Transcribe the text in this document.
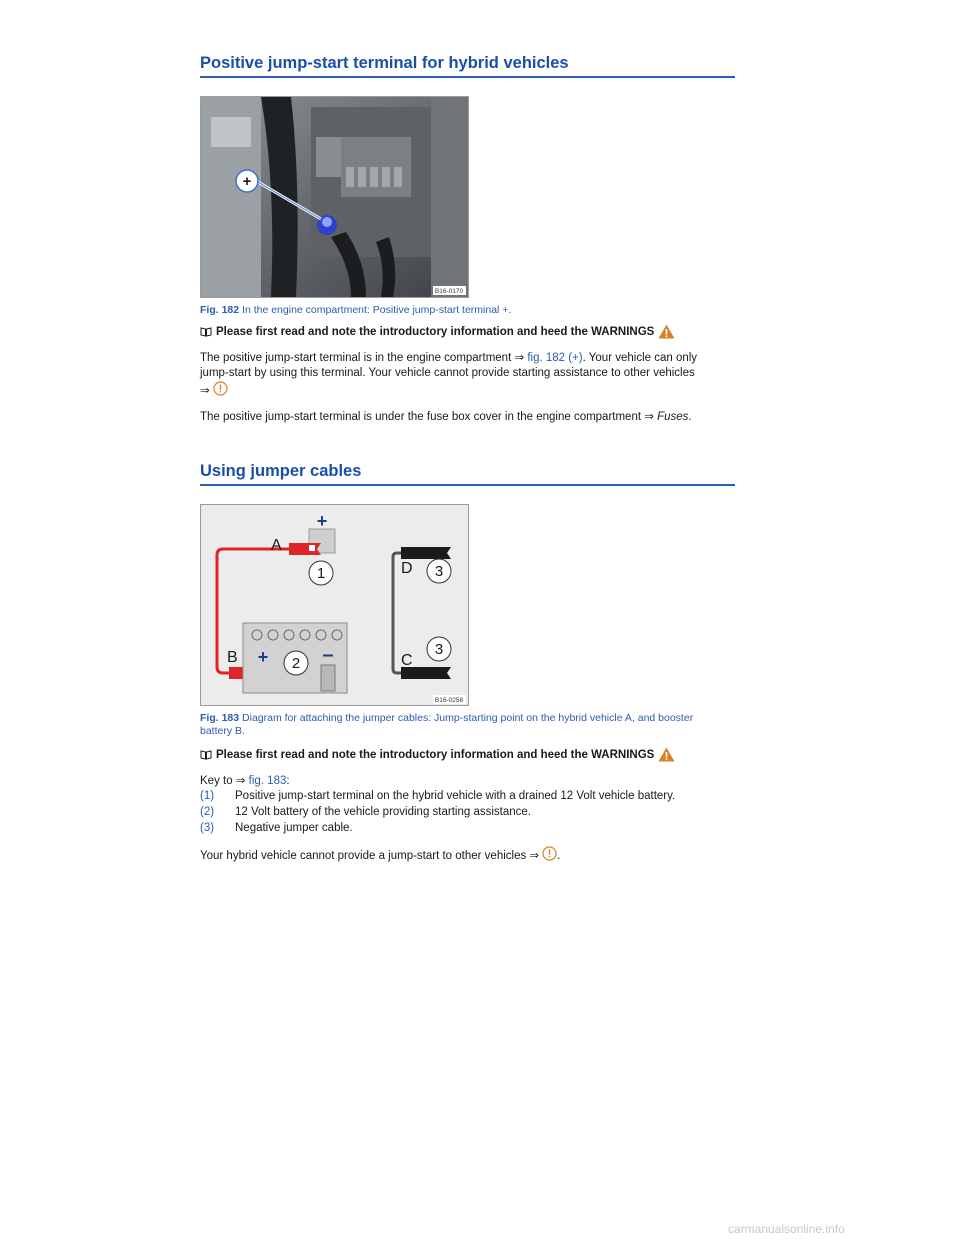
Positive jump-start terminal for hybrid vehicles
+
B16-0170
Fig. 182 In the engine compartment: Positive jump-start terminal +.
Please first read and note the introductory information and heed the WARNINGS
The positive jump-start terminal is in the engine compartment ⇒ fig. 182 (+). Your vehicle can only
jump-start by using this terminal. Your vehicle cannot provide starting assistance to other vehicles
⇒
The positive jump-start terminal is under the fuse box cover in the engine compartment ⇒ Fuses.
Using jumper cables
+
+	–
A
B
D
C
1
2
3
3
B16-0258
Fig. 183 Diagram for attaching the jumper cables: Jump-starting point on the hybrid vehicle A, and booster
battery B.
Please first read and note the introductory information and heed the WARNINGS
Key to ⇒ fig. 183:
(1)	Positive jump-start terminal on the hybrid vehicle with a drained 12 Volt vehicle battery.
(2)	12 Volt battery of the vehicle providing starting assistance.
(3)	Negative jumper cable.
Your hybrid vehicle cannot provide a jump-start to other vehicles ⇒ .
carmanualsonline.info
